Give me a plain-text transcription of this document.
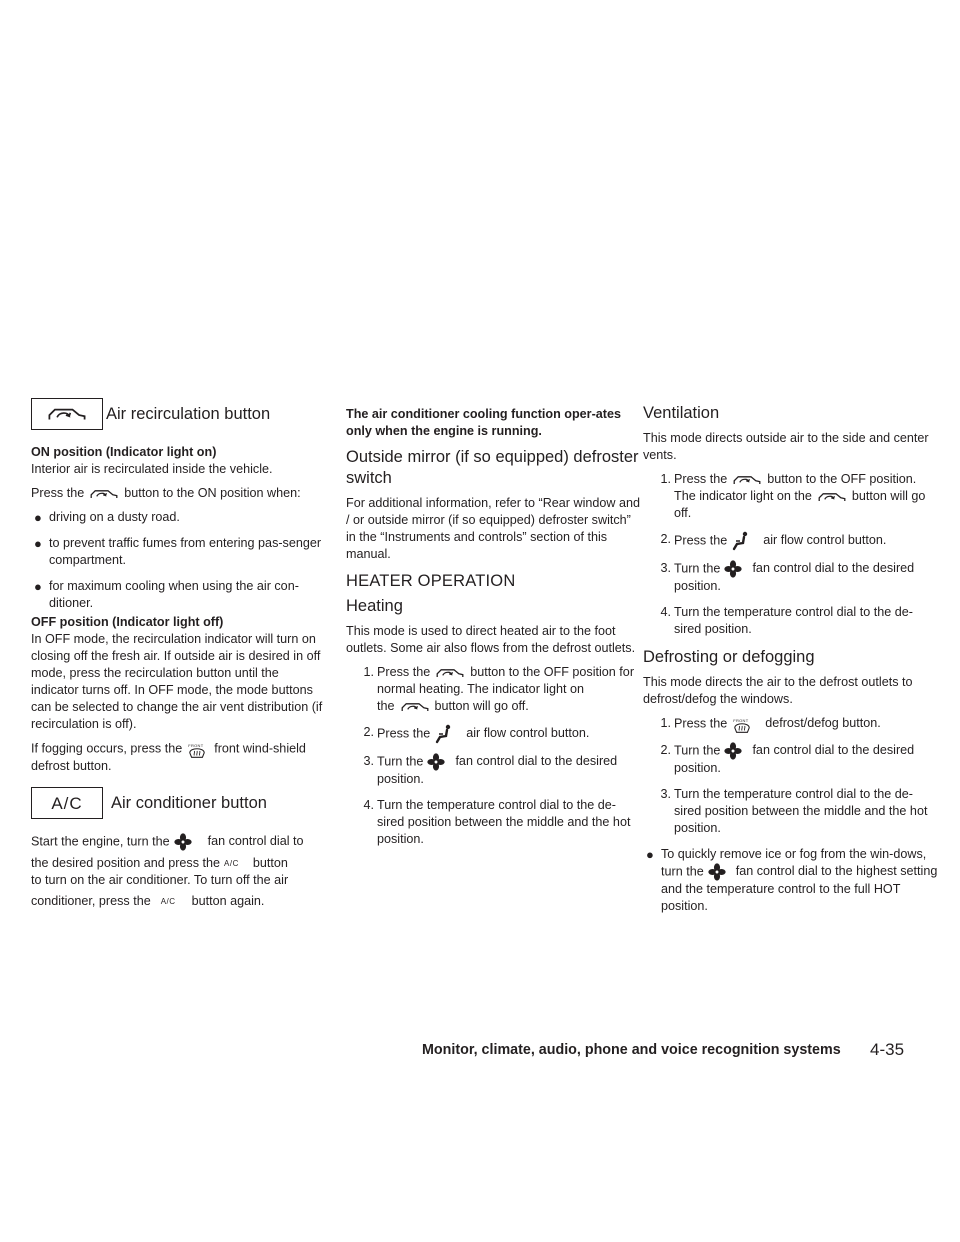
Air recirculation button

ON position (Indicator light on)

Interior air is recirculated inside the vehicle.

Press the	button to the ON position when:

● driving on a dusty road.
● to prevent traffic fumes from entering pas-senger compartment.
● for maximum cooling when using the air con-ditioner.

OFF position (Indicator light off)

In OFF mode, the recirculation indicator will turn on closing off the fresh air. If outside air is desired in off mode, press the recirculation button until the indicator turns off. In OFF mode, the mode buttons can be selected to change the air vent distribution (if recirculation is off).

If fogging occurs, press the FRONT front wind-shield defrost button.

A/C	Air conditioner button

Start the engine, turn the	fan control dial to

the desired position and press the A/C button

to turn on the air conditioner. To turn off the air

conditioner, press the A/C button again.

The air conditioner cooling function oper-ates only when the engine is running.

Outside mirror (if so equipped) defroster switch

For additional information, refer to “Rear window and / or outside mirror (if so equipped) defroster switch” in the “Instruments and controls” section of this manual.

HEATER OPERATION
Heating

This mode is used to direct heated air to the foot outlets. Some air also flows from the defrost outlets.

1. Press the	button to the OFF position for normal heating. The indicator light on
the	button will go off.
2. Press the	air flow control button.
3. Turn the	fan control dial to the desired position.
4. Turn the temperature control dial to the de-sired position between the middle and the hot position.
Ventilation

This mode directs outside air to the side and center vents.

1. Press the	button to the OFF position.
The indicator light on the	button will go off.
2. Press the	air flow control button.
3. Turn the	fan control dial to the desired position.
4. Turn the temperature control dial to the de-sired position.
Defrosting or defogging

This mode directs the air to the defrost outlets to defrost/defog the windows.

1. Press the FRONT defrost/defog button.
2. Turn the	fan control dial to the desired position.
3. Turn the temperature control dial to the de-sired position between the middle and the hot position.
● To quickly remove ice or fog from the win-dows, turn the	fan control dial to the highest setting and the temperature control to the full HOT position.
Monitor, climate, audio, phone and voice recognition systems 4-35
